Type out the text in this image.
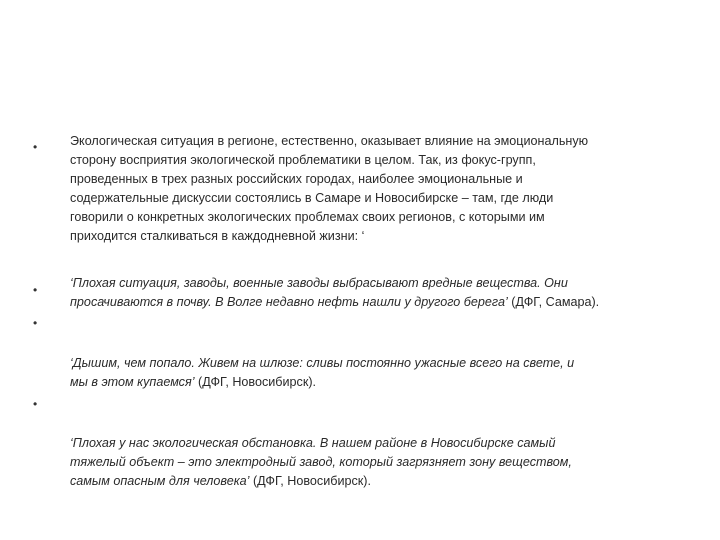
•
•
•
•
Экологическая ситуация в регионе, естественно, оказывает влияние на эмоциональную
сторону восприятия экологической проблематики в целом. Так, из фокус-групп,
проведенных в трех разных российских городах, наиболее эмоциональные и
содержательные дискуссии состоялись в Самаре и Новосибирске – там, где люди
говорили о конкретных экологических проблемах своих регионов, с которыми им
приходится сталкиваться в каждодневной жизни: ‘
‘Плохая ситуация, заводы, военные заводы выбрасывают вредные вещества. Они
просачиваются в почву. В Волге недавно нефть нашли у другого берега’ (ДФГ, Самара).
‘Дышим, чем попало. Живем на шлюзе: сливы постоянно ужасные всего на свете, и
мы в этом купаемся’ (ДФГ, Новосибирск).
‘Плохая у нас экологическая обстановка. В нашем районе в Новосибирске самый
тяжелый объект – это электродный завод, который загрязняет зону веществом,
самым опасным для человека’ (ДФГ, Новосибирск).
